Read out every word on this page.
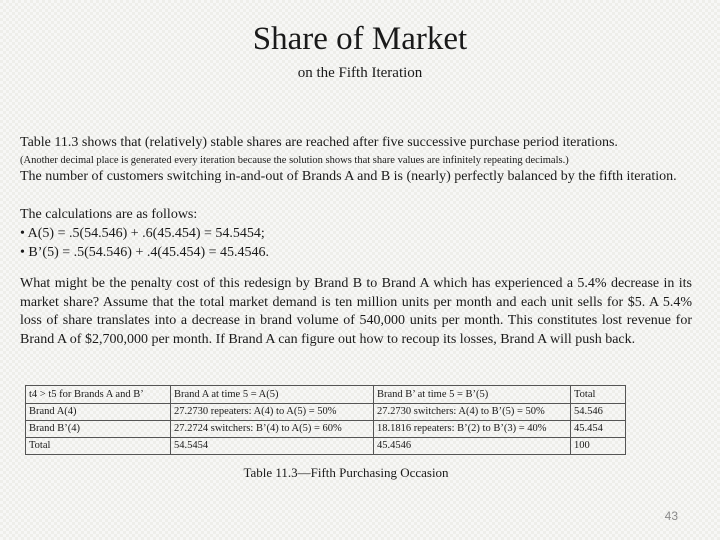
Share of Market
on the Fifth Iteration
Table 11.3 shows that (relatively) stable shares are reached after five successive purchase period iterations.
(Another decimal place is generated every iteration because the solution shows that share values are infinitely repeating decimals.)
The number of customers switching in-and-out of Brands A and B is (nearly) perfectly balanced by the fifth iteration.
The calculations are as follows:
• A(5) = .5(54.546) + .6(45.454) = 54.5454;
• B’(5) = .5(54.546) + .4(45.454) = 45.4546.
What might be the penalty cost of this redesign by Brand B to Brand A which has experienced a 5.4% decrease in its market share? Assume that the total market demand is ten million units per month and each unit sells for $5. A 5.4% loss of share translates into a decrease in brand volume of 540,000 units per month. This constitutes lost revenue for Brand A of $2,700,000 per month. If Brand A can figure out how to recoup its losses, Brand A will push back.
t4 > t5 for Brands A and B’	Brand A at time 5 = A(5)	Brand B’ at time 5 = B’(5)	Total
Brand A(4)	27.2730 repeaters: A(4) to A(5) = 50%	27.2730 switchers: A(4) to B’(5) = 50%	54.546
Brand B’(4)	27.2724 switchers: B’(4) to A(5) = 60%	18.1816 repeaters: B’(2) to B’(3) = 40%	45.454
Total	54.5454	45.4546	100
Table 11.3—Fifth Purchasing Occasion
43
